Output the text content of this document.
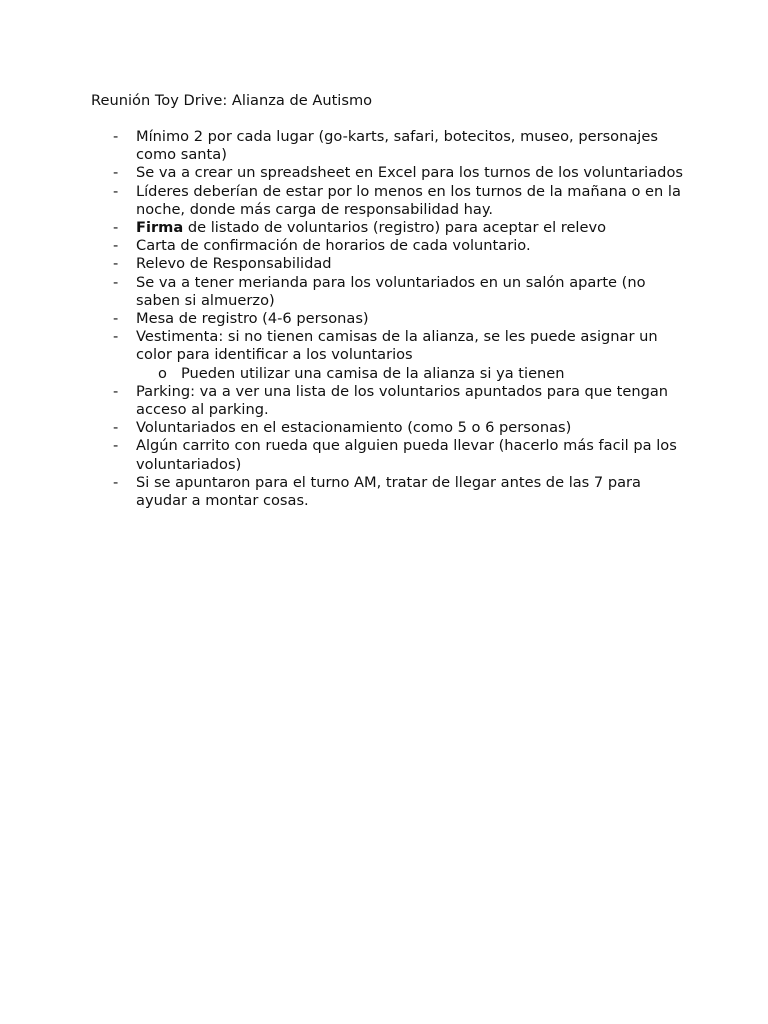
Reunión Toy Drive: Alianza de Autismo
- Mínimo 2 por cada lugar (go-karts, safari, botecitos, museo, personajes como santa)
- Se va a crear un spreadsheet en Excel para los turnos de los voluntariados
- Líderes deberían de estar por lo menos en los turnos de la mañana o en la noche, donde más carga de responsabilidad hay.
- Firma de listado de voluntarios (registro) para aceptar el relevo
- Carta de confirmación de horarios de cada voluntario.
- Relevo de Responsabilidad
- Se va a tener merianda para los voluntariados en un salón aparte (no saben si almuerzo)
- Mesa de registro (4-6 personas)
- Vestimenta: si no tienen camisas de la alianza, se les puede asignar un color para identificar a los voluntarios
o Pueden utilizar una camisa de la alianza si ya tienen
- Parking: va a ver una lista de los voluntarios apuntados para que tengan acceso al parking.
- Voluntariados en el estacionamiento (como 5 o 6 personas)
- Algún carrito con rueda que alguien pueda llevar (hacerlo más facil pa los voluntariados)
- Si se apuntaron para el turno AM, tratar de llegar antes de las 7 para ayudar a montar cosas.
